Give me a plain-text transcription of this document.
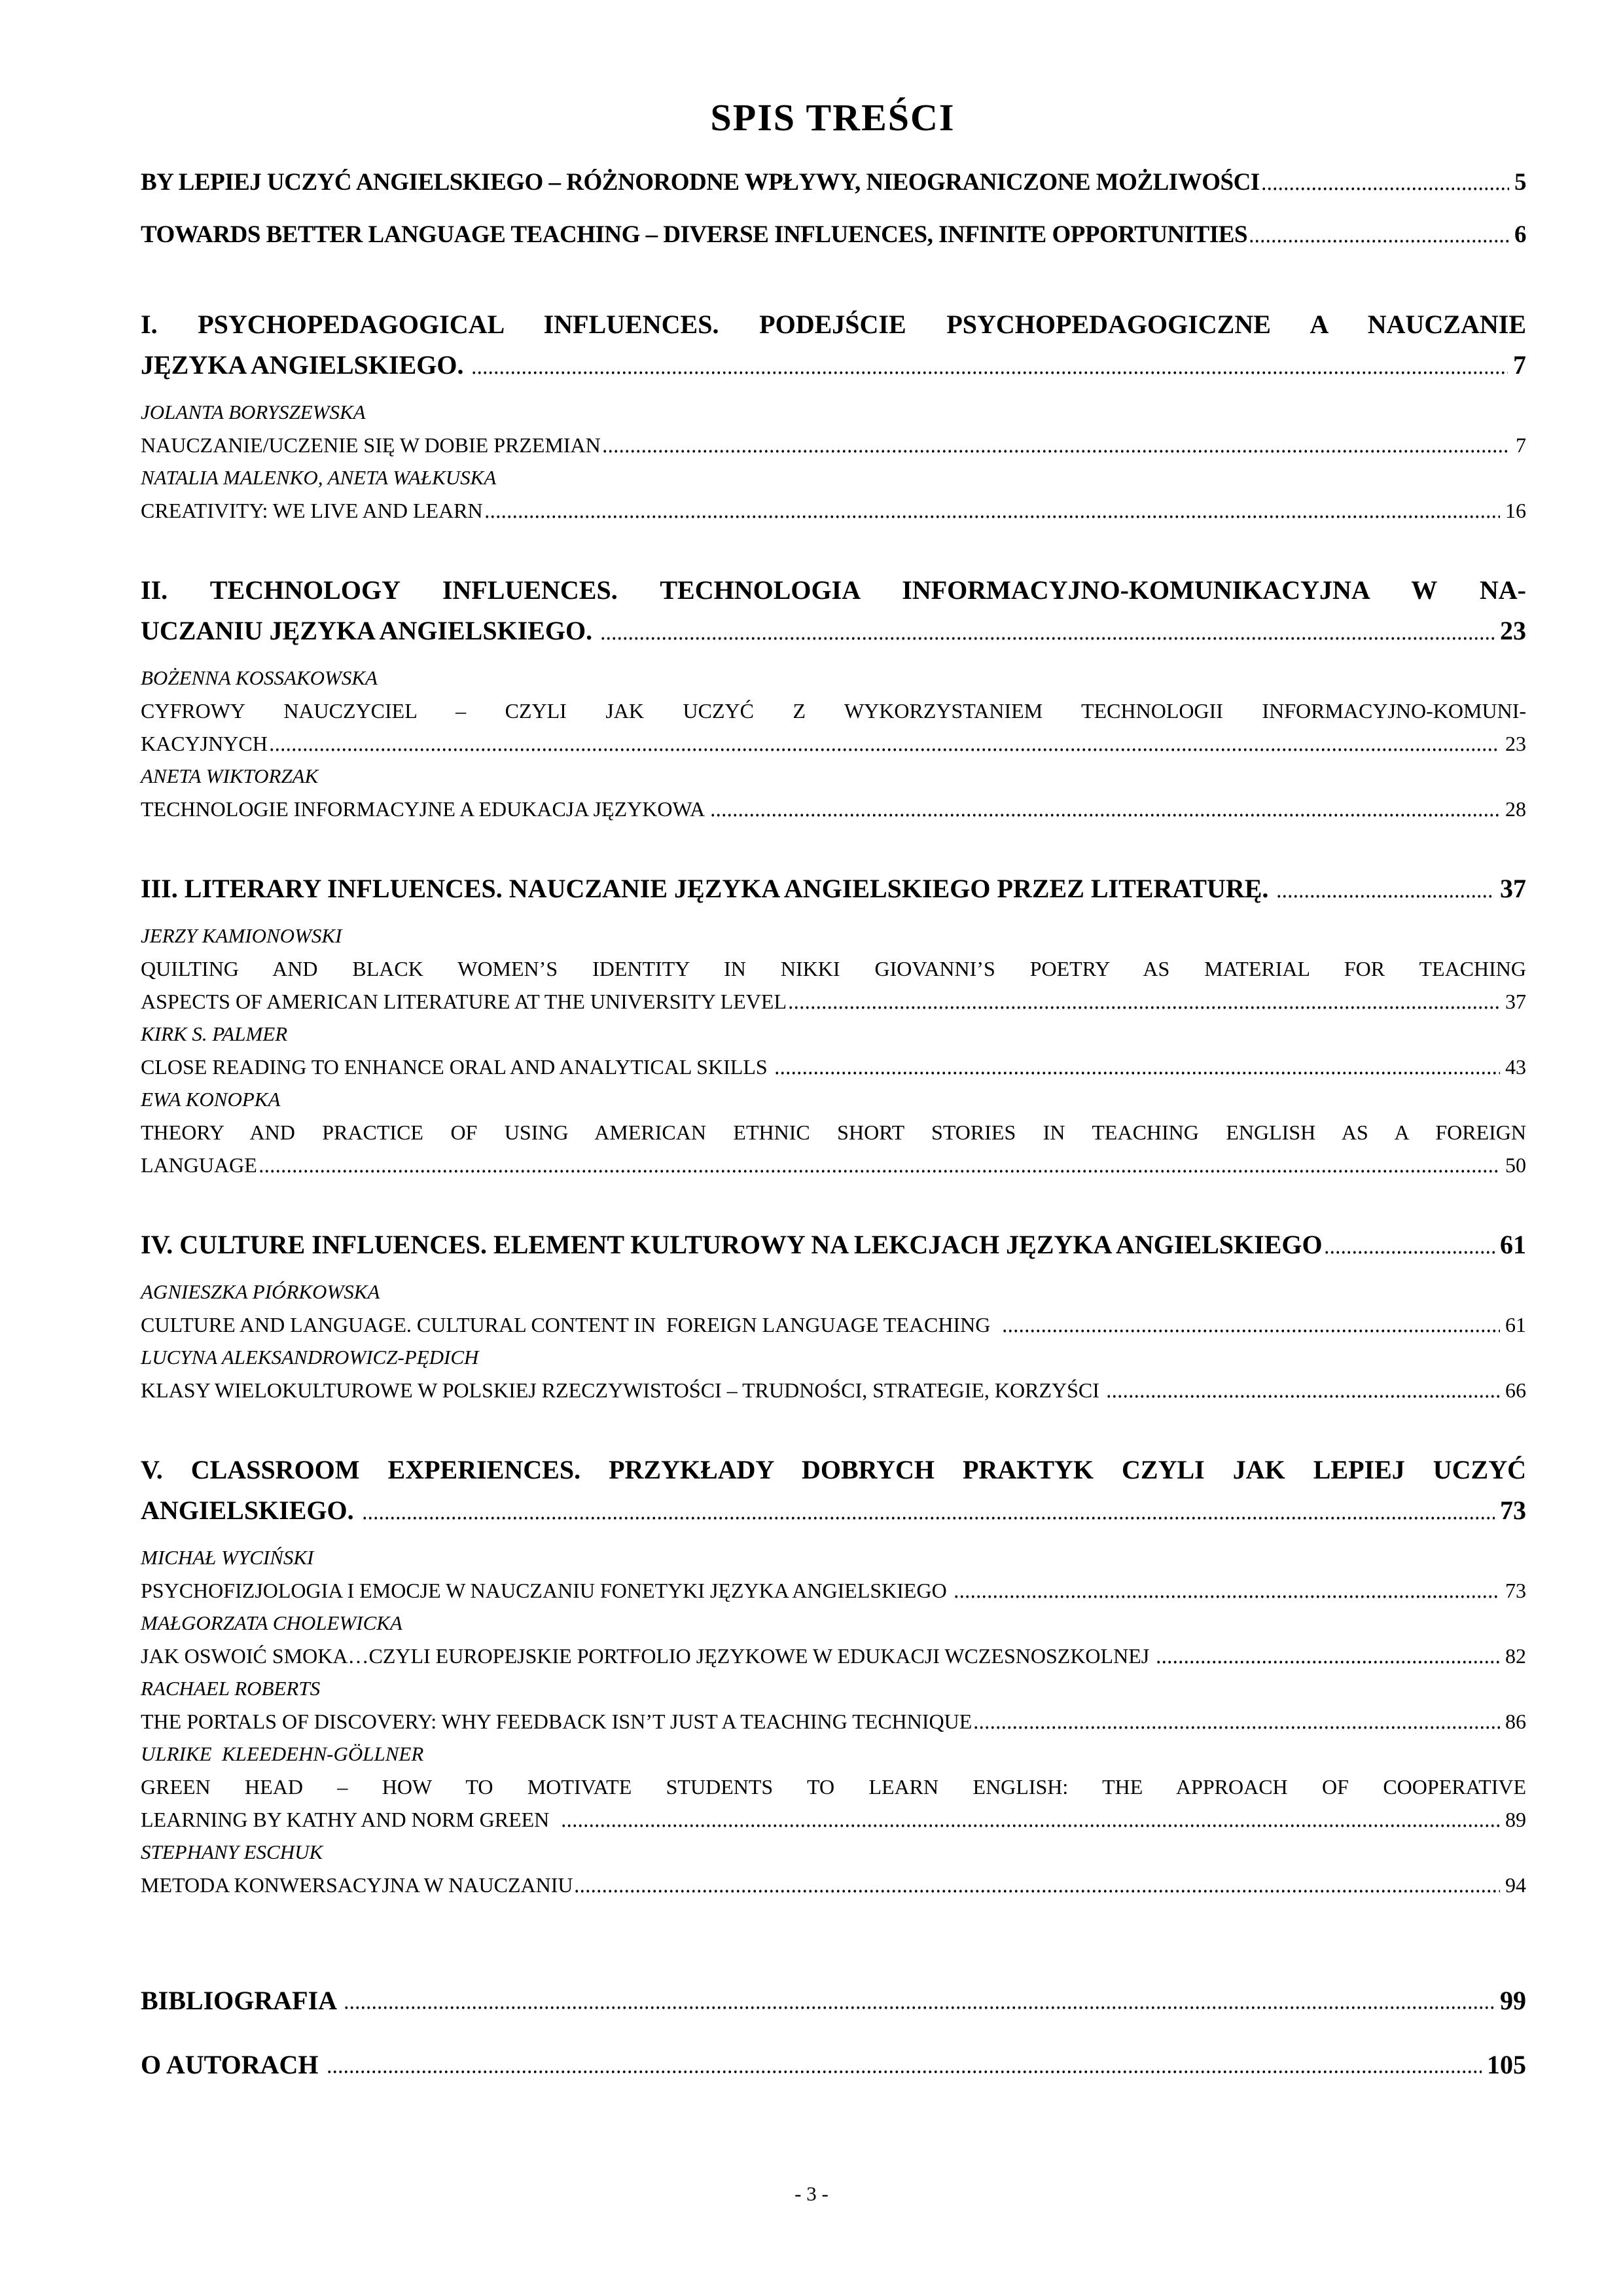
SPIS TREŚCI
BY LEPIEJ UCZYĆ ANGIELSKIEGO – RÓŻNORODNE WPŁYWY, NIEOGRANICZONE MOŻLIWOŚCI	5
TOWARDS BETTER LANGUAGE TEACHING – DIVERSE INFLUENCES, INFINITE OPPORTUNITIES	6
I. PSYCHOPEDAGOGICAL INFLUENCES. PODEJŚCIE PSYCHOPEDAGOGICZNE A NAUCZANIE
JĘZYKA ANGIELSKIEGO.	7
JOLANTA BORYSZEWSKA
NAUCZANIE/UCZENIE SIĘ W DOBIE PRZEMIAN	7
NATALIA MALENKO, ANETA WAŁKUSKA
CREATIVITY: WE LIVE AND LEARN	16
II. TECHNOLOGY INFLUENCES. TECHNOLOGIA INFORMACYJNO-KOMUNIKACYJNA W NA-
UCZANIU JĘZYKA ANGIELSKIEGO.	23
BOŻENNA KOSSAKOWSKA
CYFROWY NAUCZYCIEL – CZYLI JAK UCZYĆ Z WYKORZYSTANIEM TECHNOLOGII INFORMACYJNO-KOMUNI-
KACYJNYCH	23
ANETA WIKTORZAK
TECHNOLOGIE INFORMACYJNE A EDUKACJA JĘZYKOWA	28
III. LITERARY INFLUENCES. NAUCZANIE JĘZYKA ANGIELSKIEGO PRZEZ LITERATURĘ.	37
JERZY KAMIONOWSKI
QUILTING AND BLACK WOMEN’S IDENTITY IN NIKKI GIOVANNI’S POETRY AS MATERIAL FOR TEACHING
ASPECTS OF AMERICAN LITERATURE AT THE UNIVERSITY LEVEL	37
KIRK S. PALMER
CLOSE READING TO ENHANCE ORAL AND ANALYTICAL SKILLS	43
EWA KONOPKA
THEORY AND PRACTICE OF USING AMERICAN ETHNIC SHORT STORIES IN TEACHING ENGLISH AS A FOREIGN
LANGUAGE	50
IV. CULTURE INFLUENCES. ELEMENT KULTUROWY NA LEKCJACH JĘZYKA ANGIELSKIEGO	61
AGNIESZKA PIÓRKOWSKA
CULTURE AND LANGUAGE. CULTURAL CONTENT IN  FOREIGN LANGUAGE TEACHING	61
LUCYNA ALEKSANDROWICZ-PĘDICH
KLASY WIELOKULTUROWE W POLSKIEJ RZECZYWISTOŚCI – TRUDNOŚCI, STRATEGIE, KORZYŚCI	66
V. CLASSROOM EXPERIENCES. PRZYKŁADY DOBRYCH PRAKTYK CZYLI JAK LEPIEJ UCZYĆ
ANGIELSKIEGO.	73
MICHAŁ WYCIŃSKI
PSYCHOFIZJOLOGIA I EMOCJE W NAUCZANIU FONETYKI JĘZYKA ANGIELSKIEGO	73
MAŁGORZATA CHOLEWICKA
JAK OSWOIĆ SMOKA…CZYLI EUROPEJSKIE PORTFOLIO JĘZYKOWE W EDUKACJI WCZESNOSZKOLNEJ	82
RACHAEL ROBERTS
THE PORTALS OF DISCOVERY: WHY FEEDBACK ISN’T JUST A TEACHING TECHNIQUE	86
ULRIKE  KLEEDEHN-GÖLLNER
GREEN HEAD – HOW TO MOTIVATE STUDENTS TO LEARN ENGLISH: THE APPROACH OF COOPERATIVE
LEARNING BY KATHY AND NORM GREEN	89
STEPHANY ESCHUK
METODA KONWERSACYJNA W NAUCZANIU	94
BIBLIOGRAFIA	99
O AUTORACH	105
- 3 -
